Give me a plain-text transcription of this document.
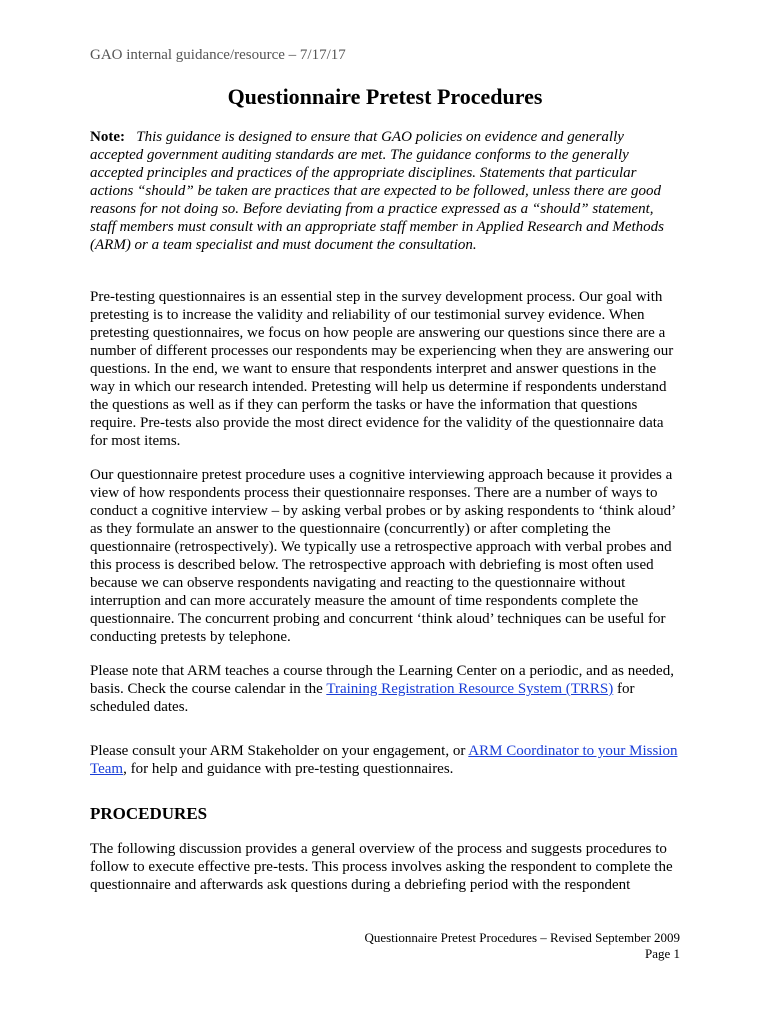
GAO internal guidance/resource – 7/17/17
Questionnaire Pretest Procedures
Note: This guidance is designed to ensure that GAO policies on evidence and generally accepted government auditing standards are met. The guidance conforms to the generally accepted principles and practices of the appropriate disciplines. Statements that particular actions “should” be taken are practices that are expected to be followed, unless there are good reasons for not doing so. Before deviating from a practice expressed as a “should” statement, staff members must consult with an appropriate staff member in Applied Research and Methods (ARM) or a team specialist and must document the consultation.
Pre-testing questionnaires is an essential step in the survey development process. Our goal with pretesting is to increase the validity and reliability of our testimonial survey evidence. When pretesting questionnaires, we focus on how people are answering our questions since there are a number of different processes our respondents may be experiencing when they are answering our questions. In the end, we want to ensure that respondents interpret and answer questions in the way in which our research intended. Pretesting will help us determine if respondents understand the questions as well as if they can perform the tasks or have the information that questions require. Pre-tests also provide the most direct evidence for the validity of the questionnaire data for most items.
Our questionnaire pretest procedure uses a cognitive interviewing approach because it provides a view of how respondents process their questionnaire responses. There are a number of ways to conduct a cognitive interview – by asking verbal probes or by asking respondents to ‘think aloud’ as they formulate an answer to the questionnaire (concurrently) or after completing the questionnaire (retrospectively). We typically use a retrospective approach with verbal probes and this process is described below. The retrospective approach with debriefing is most often used because we can observe respondents navigating and reacting to the questionnaire without interruption and can more accurately measure the amount of time respondents complete the questionnaire. The concurrent probing and concurrent ‘think aloud’ techniques can be useful for conducting pretests by telephone.
Please note that ARM teaches a course through the Learning Center on a periodic, and as needed, basis. Check the course calendar in the Training Registration Resource System (TRRS) for scheduled dates.
Please consult your ARM Stakeholder on your engagement, or ARM Coordinator to your Mission Team, for help and guidance with pre-testing questionnaires.
PROCEDURES
The following discussion provides a general overview of the process and suggests procedures to follow to execute effective pre-tests. This process involves asking the respondent to complete the questionnaire and afterwards ask questions during a debriefing period with the respondent
Questionnaire Pretest Procedures – Revised September 2009
Page 1
